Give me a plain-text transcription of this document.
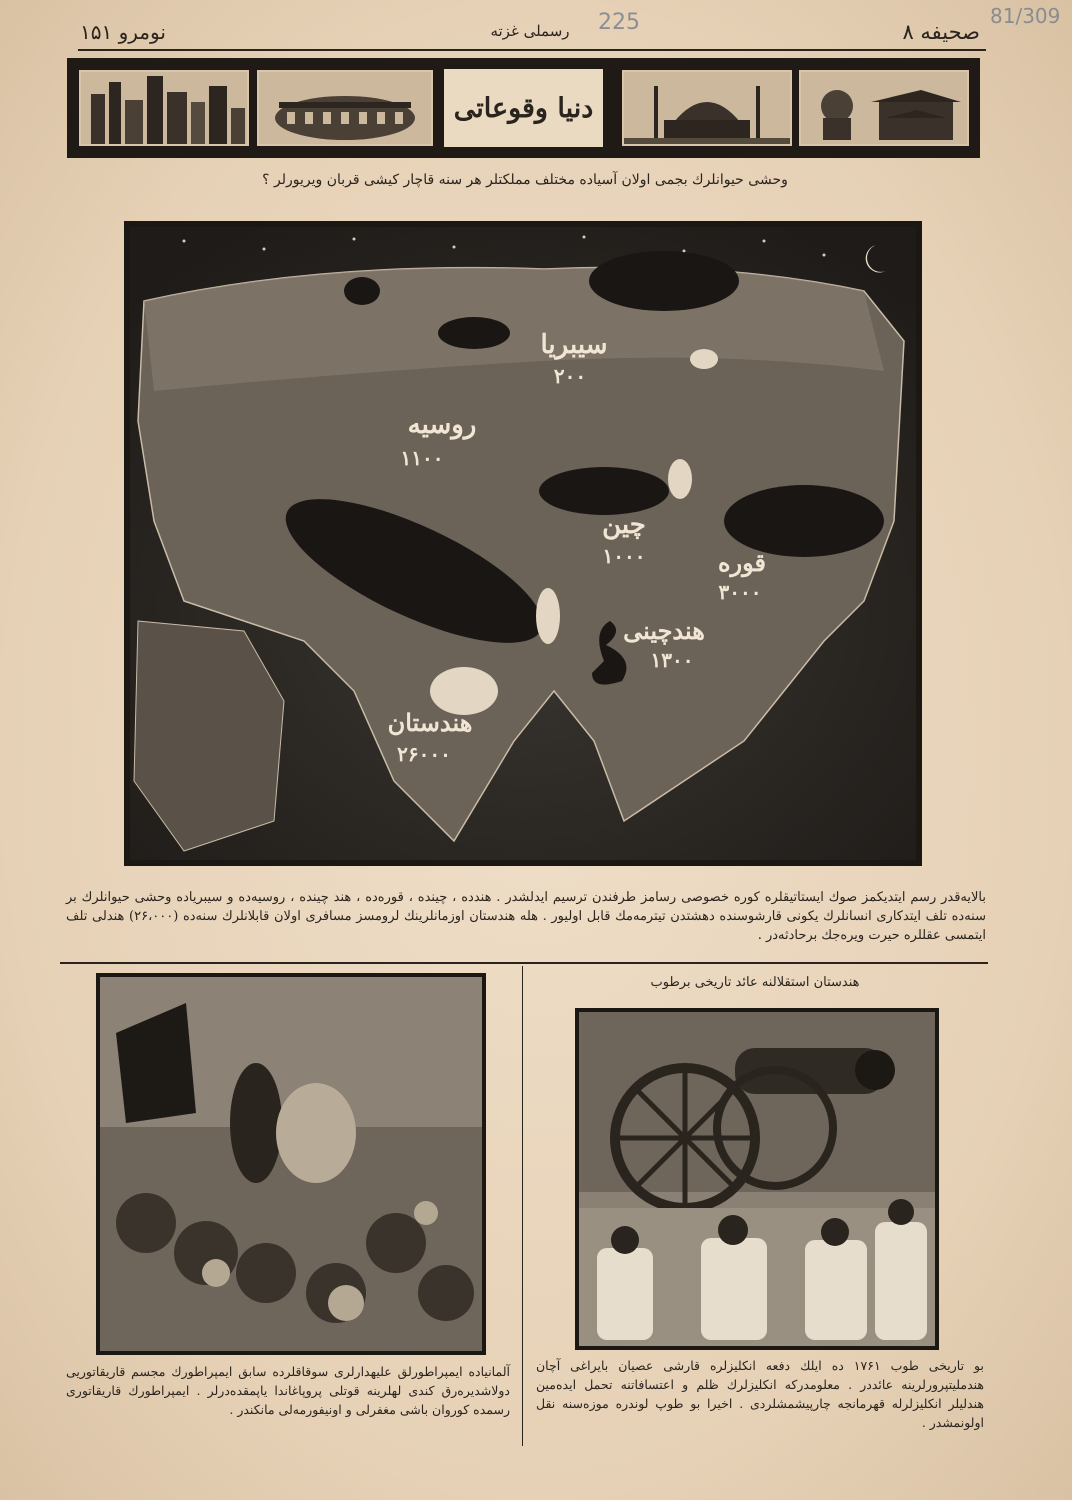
صحيفه ۸
رسملی غزته
نومرو ۱۵۱	225	81/309
دنیا وقوعاتی
وحشی حیوانلرك بجمی اولان آسیاده مختلف مملکتلر هر سنه قاچار کیشی قربان ویریورلر ؟
سیبریا
۲۰۰
روسیه
۱۱۰۰
چین
۱۰۰۰	قوره
۳۰۰۰
هندچینی
۱۳۰۰
هندستان
۲۶۰۰۰
بالایه‌قدر رسم ایتدیکمز صوك ایستاتیقلره کوره خصوصی رسامز طرفندن ترسیم ایدلشدر . هندده ، چینده ، قوره‌ده ، هند چینده ، روسیه‌ده و سیبریاده وحشی حیوانلرك بر سنه‌ده تلف ایتدکاری انسانلرك یکونی قارشوسنده دهشتدن تیترمه‌مك قابل اولیور . هله هندستان اوزمانلرینك لرومسز مسافری اولان قابلانلرك سنه‌ده (۲۶،۰۰۰) هندلی تلف ایتمسی عقللره حیرت ویره‌جك برحادثه‌در .
آلمانیاده ایمپراطورلق علیهدارلری سوقاقلرده سابق ایمپراطورك مجسم قاریقاتوریی دولاشدیره‌رق کندی لهلرینه قوتلی پروپاغاندا یاپمقده‌درلر . ایمپراطورك قاریقاتوری رسمده کوروان باشی مغفرلی و اونیفورمه‌لی مانکندر .
هندستان استقلالنه عائد تاریخی برطوب
بو تاریخی طوب ۱۷۶۱ ده ایلك دفعه انکلیزلره قارشی عصیان بایراغی آچان هندملیتپرورلرینه عائددر . معلومدرکه انکلیزلرك ظلم و اعتسافاتنه تحمل ایده‌مین هندلیلر انکلیزلرله قهرمانجه چارپیشمشلردی . اخیرا بو طوپ لوندره موزه‌سنه نقل اولونمشدر .
